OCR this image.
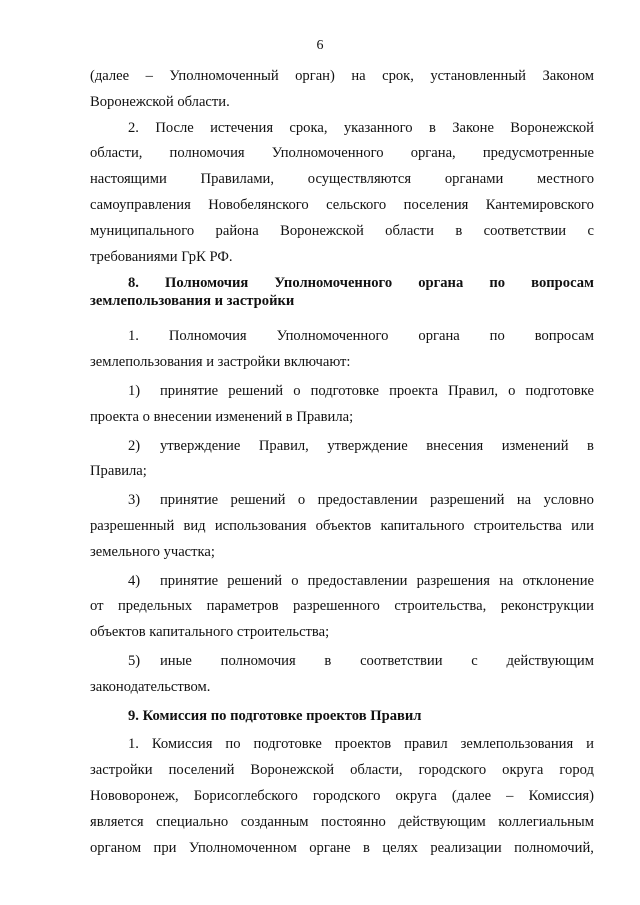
6
(далее – Уполномоченный орган) на срок, установленный Законом
Воронежской области.
2. После истечения срока, указанного в Законе Воронежской
области, полномочия Уполномоченного органа, предусмотренные
настоящими Правилами, осуществляются органами местного
самоуправления Новобелянского сельского поселения Кантемировского
муниципального района Воронежской области в соответствии с
требованиями ГрК РФ.
8. Полномочия Уполномоченного органа по вопросам
землепользования и застройки
1. Полномочия Уполномоченного органа по вопросам
землепользования и застройки включают:
1)	принятие решений о подготовке проекта Правил, о подготовке
проекта о внесении изменений в Правила;
2)	утверждение Правил, утверждение внесения изменений в
Правила;
3)	принятие решений о предоставлении разрешений на условно
разрешенный вид использования объектов капитального строительства или
земельного участка;
4)	принятие решений о предоставлении разрешения на отклонение
от предельных параметров разрешенного строительства, реконструкции
объектов капитального строительства;
5)	иные полномочия в соответствии с действующим
законодательством.
9. Комиссия по подготовке проектов Правил
1. Комиссия по подготовке проектов правил землепользования и
застройки поселений Воронежской области, городского округа город
Нововоронеж, Борисоглебского городского округа (далее – Комиссия)
является специально созданным постоянно действующим коллегиальным
органом при Уполномоченном органе в целях реализации полномочий,
